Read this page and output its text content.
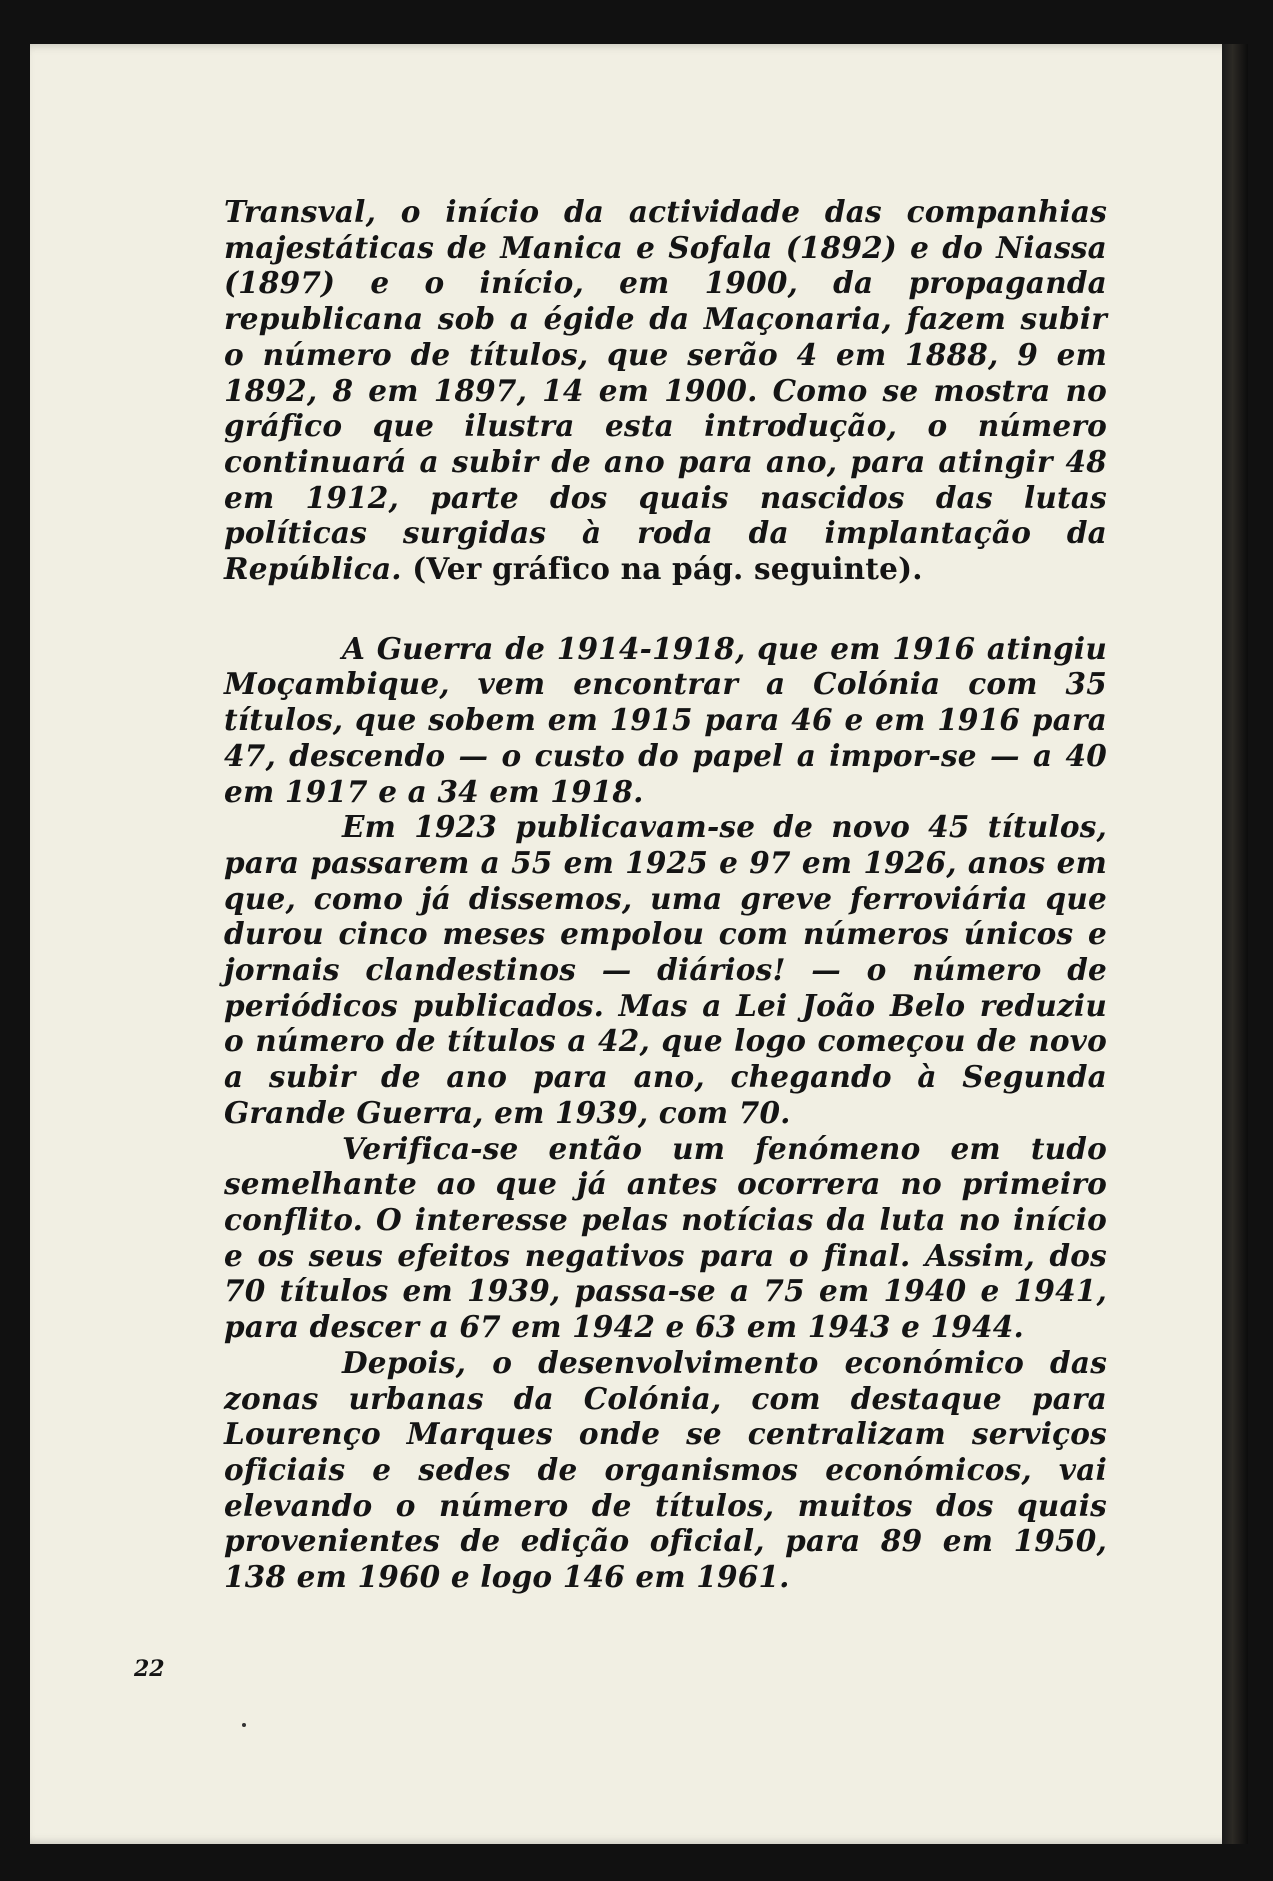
Transval, o início da actividade das companhias majestáticas de Manica e Sofala (1892) e do Niassa (1897) e o início, em 1900, da propaganda republicana sob a égide da Maçonaria, fazem subir o número de títulos, que serão 4 em 1888, 9 em 1892, 8 em 1897, 14 em 1900. Como se mostra no gráfico que ilustra esta introdução, o número continuará a subir de ano para ano, para atingir 48 em 1912, parte dos quais nascidos das lutas políticas surgidas à roda da implantação da República. (Ver gráfico na pág. seguinte).

A Guerra de 1914-1918, que em 1916 atingiu Moçambique, vem encontrar a Colónia com 35 títulos, que sobem em 1915 para 46 e em 1916 para 47, descendo — o custo do papel a impor-se — a 40 em 1917 e a 34 em 1918.

Em 1923 publicavam-se de novo 45 títulos, para passarem a 55 em 1925 e 97 em 1926, anos em que, como já dissemos, uma greve ferroviária que durou cinco meses empolou com números únicos e jornais clandestinos — diários! — o número de periódicos publicados. Mas a Lei João Belo reduziu o número de títulos a 42, que logo começou de novo a subir de ano para ano, chegando à Segunda Grande Guerra, em 1939, com 70.

Verifica-se então um fenómeno em tudo semelhante ao que já antes ocorrera no primeiro conflito. O interesse pelas notícias da luta no início e os seus efeitos negativos para o final. Assim, dos 70 títulos em 1939, passa-se a 75 em 1940 e 1941, para descer a 67 em 1942 e 63 em 1943 e 1944.

Depois, o desenvolvimento económico das zonas urbanas da Colónia, com destaque para Lourenço Marques onde se centralizam serviços oficiais e sedes de organismos económicos, vai elevando o número de títulos, muitos dos quais provenientes de edição oficial, para 89 em 1950, 138 em 1960 e logo 146 em 1961.

22
